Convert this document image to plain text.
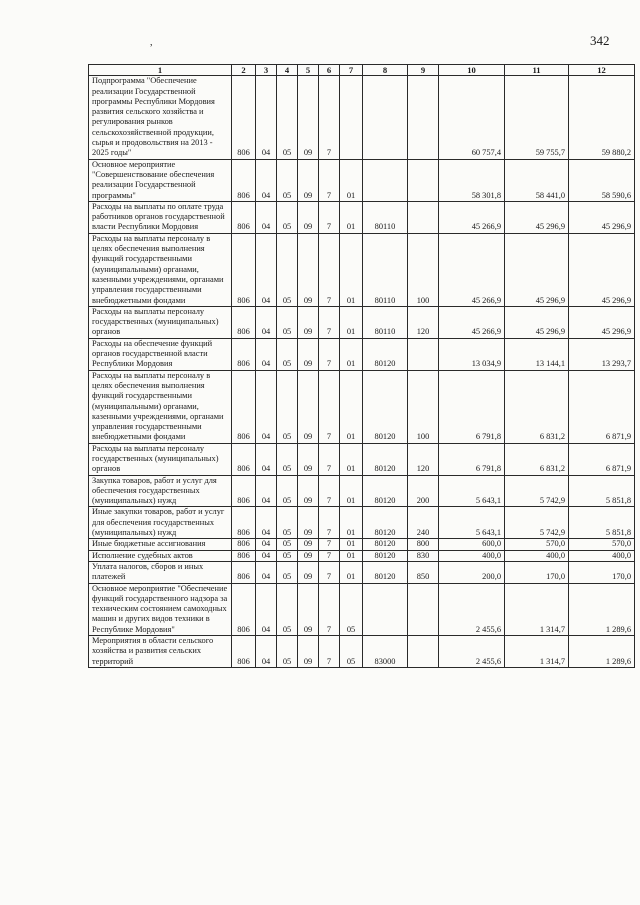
342
,
1	2	3	4	5	6	7	8	9	10	11	12
Подпрограмма "Обеспечение реализации Государственной программы Республики Мордовия развития сельского хозяйства и регулирования рынков сельскохозяйственной продукции, сырья и продовольствия на 2013 - 2025 годы"	806	04	05	09	7				60 757,4	59 755,7	59 880,2
Основное мероприятие "Совершенствование обеспечения реализации Государственной программы"	806	04	05	09	7	01			58 301,8	58 441,0	58 590,6
Расходы на выплаты по оплате труда работников органов государственной власти Республики Мордовия	806	04	05	09	7	01	80110		45 266,9	45 296,9	45 296,9
Расходы на выплаты персоналу в целях обеспечения выполнения функций государственными (муниципальными) органами, казенными учреждениями, органами управления государственными внебюджетными фондами	806	04	05	09	7	01	80110	100	45 266,9	45 296,9	45 296,9
Расходы на выплаты персоналу государственных (муниципальных) органов	806	04	05	09	7	01	80110	120	45 266,9	45 296,9	45 296,9
Расходы на обеспечение функций органов государственной власти Республики Мордовия	806	04	05	09	7	01	80120		13 034,9	13 144,1	13 293,7
Расходы на выплаты персоналу в целях обеспечения выполнения функций государственными (муниципальными) органами, казенными учреждениями, органами управления государственными внебюджетными фондами	806	04	05	09	7	01	80120	100	6 791,8	6 831,2	6 871,9
Расходы на выплаты персоналу государственных (муниципальных) органов	806	04	05	09	7	01	80120	120	6 791,8	6 831,2	6 871,9
Закупка товаров, работ и услуг для обеспечения государственных (муниципальных) нужд	806	04	05	09	7	01	80120	200	5 643,1	5 742,9	5 851,8
Иные закупки товаров, работ и услуг для обеспечения государственных (муниципальных) нужд	806	04	05	09	7	01	80120	240	5 643,1	5 742,9	5 851,8
Иные бюджетные ассигнования	806	04	05	09	7	01	80120	800	600,0	570,0	570,0
Исполнение судебных актов	806	04	05	09	7	01	80120	830	400,0	400,0	400,0
Уплата налогов, сборов и иных платежей	806	04	05	09	7	01	80120	850	200,0	170,0	170,0
Основное мероприятие "Обеспечение функций государственного надзора за техническим состоянием самоходных машин и других видов техники в Республике Мордовия"	806	04	05	09	7	05			2 455,6	1 314,7	1 289,6
Мероприятия в области сельского хозяйства и развития сельских территорий	806	04	05	09	7	05	83000		2 455,6	1 314,7	1 289,6
